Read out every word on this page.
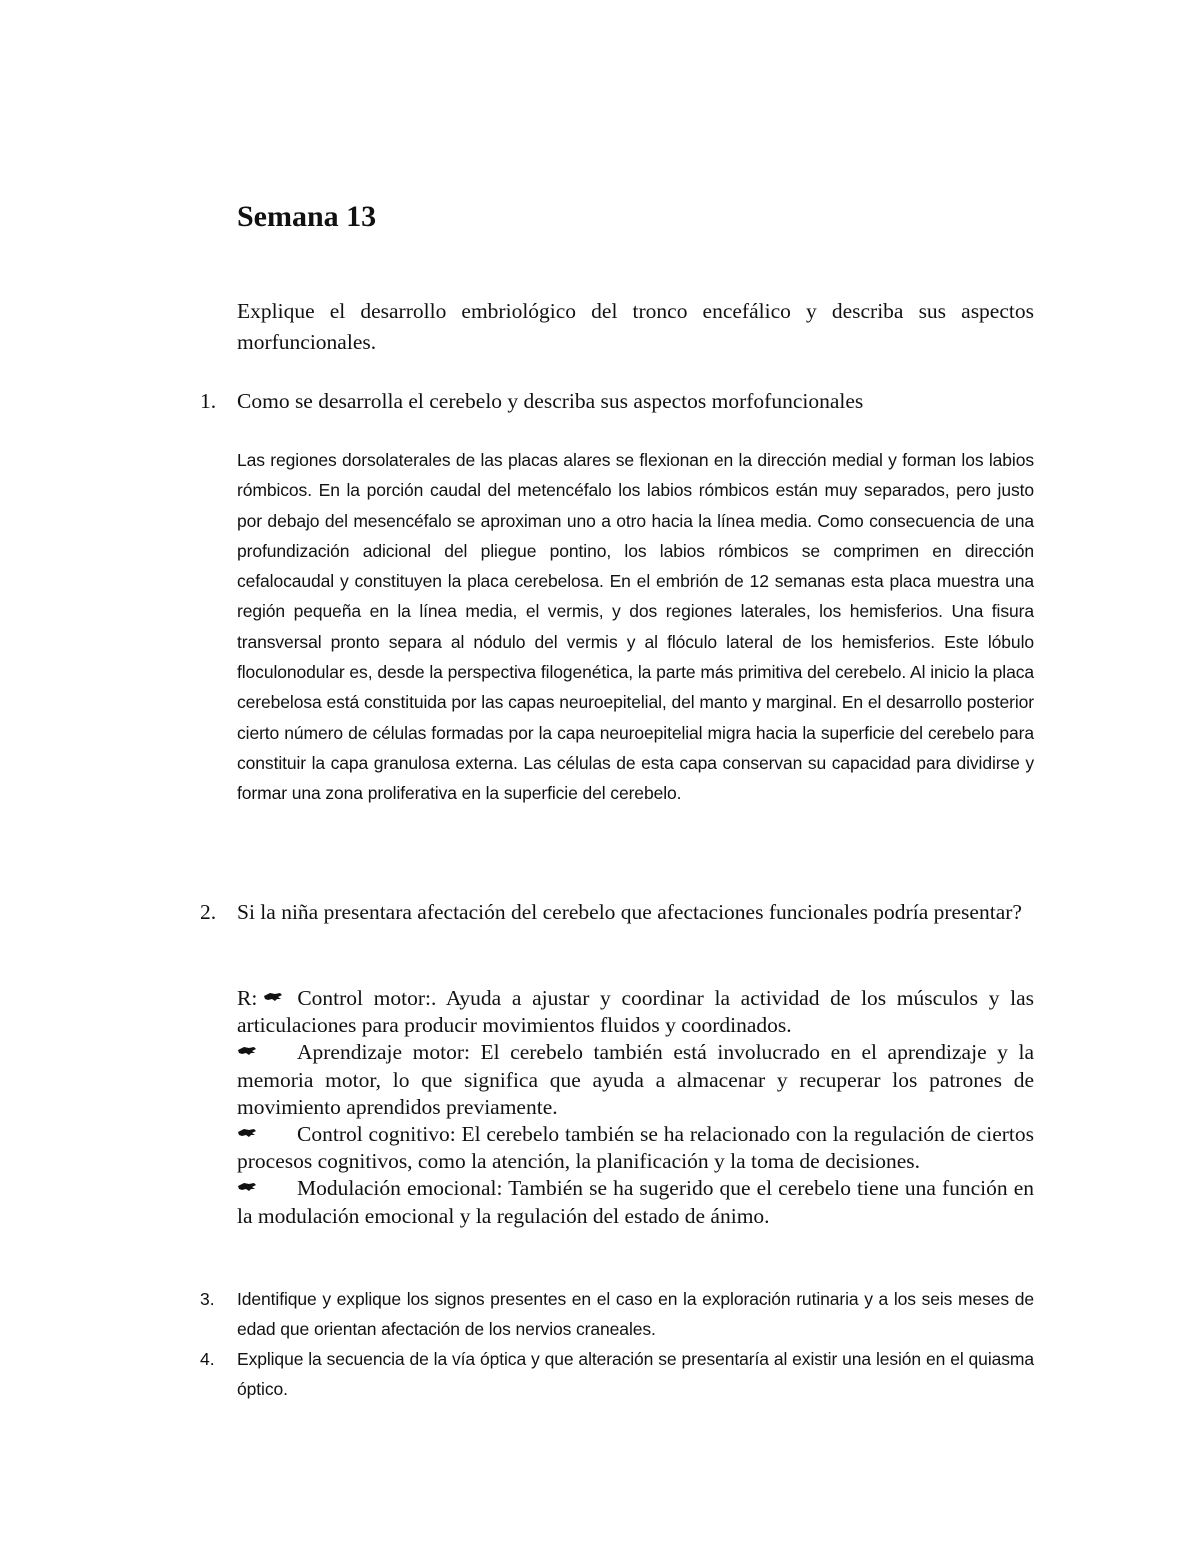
Semana 13

Explique el desarrollo embriológico del tronco encefálico y describa sus aspectos morfuncionales.

1. Como se desarrolla el cerebelo y describa sus aspectos morfofuncionales

Las regiones dorsolaterales de las placas alares se flexionan en la dirección medial y forman los labios rómbicos. En la porción caudal del metencéfalo los labios rómbicos están muy separados, pero justo por debajo del mesencéfalo se aproximan uno a otro hacia la línea media. Como consecuencia de una profundización adicional del pliegue pontino, los labios rómbicos se comprimen en dirección cefalocaudal y constituyen la placa cerebelosa. En el embrión de 12 semanas esta placa muestra una región pequeña en la línea media, el vermis, y dos regiones laterales, los hemisferios. Una fisura transversal pronto separa al nódulo del vermis y al flóculo lateral de los hemisferios. Este lóbulo floculonodular es, desde la perspectiva filogenética, la parte más primitiva del cerebelo. Al inicio la placa cerebelosa está constituida por las capas neuroepitelial, del manto y marginal. En el desarrollo posterior cierto número de células formadas por la capa neuroepitelial migra hacia la superficie del cerebelo para constituir la capa granulosa externa. Las células de esta capa conservan su capacidad para dividirse y formar una zona proliferativa en la superficie del cerebelo.

2. Si la niña presentara afectación del cerebelo que afectaciones funcionales podría presentar?

R: Control motor:. Ayuda a ajustar y coordinar la actividad de los músculos y las articulaciones para producir movimientos fluidos y coordinados.

Aprendizaje motor: El cerebelo también está involucrado en el aprendizaje y la memoria motor, lo que significa que ayuda a almacenar y recuperar los patrones de movimiento aprendidos previamente.

Control cognitivo: El cerebelo también se ha relacionado con la regulación de ciertos procesos cognitivos, como la atención, la planificación y la toma de decisiones.

Modulación emocional: También se ha sugerido que el cerebelo tiene una función en la modulación emocional y la regulación del estado de ánimo.

3. Identifique y explique los signos presentes en el caso en la exploración rutinaria y a los seis meses de edad que orientan afectación de los nervios craneales.

4. Explique la secuencia de la vía óptica y que alteración se presentaría al existir una lesión en el quiasma óptico.
